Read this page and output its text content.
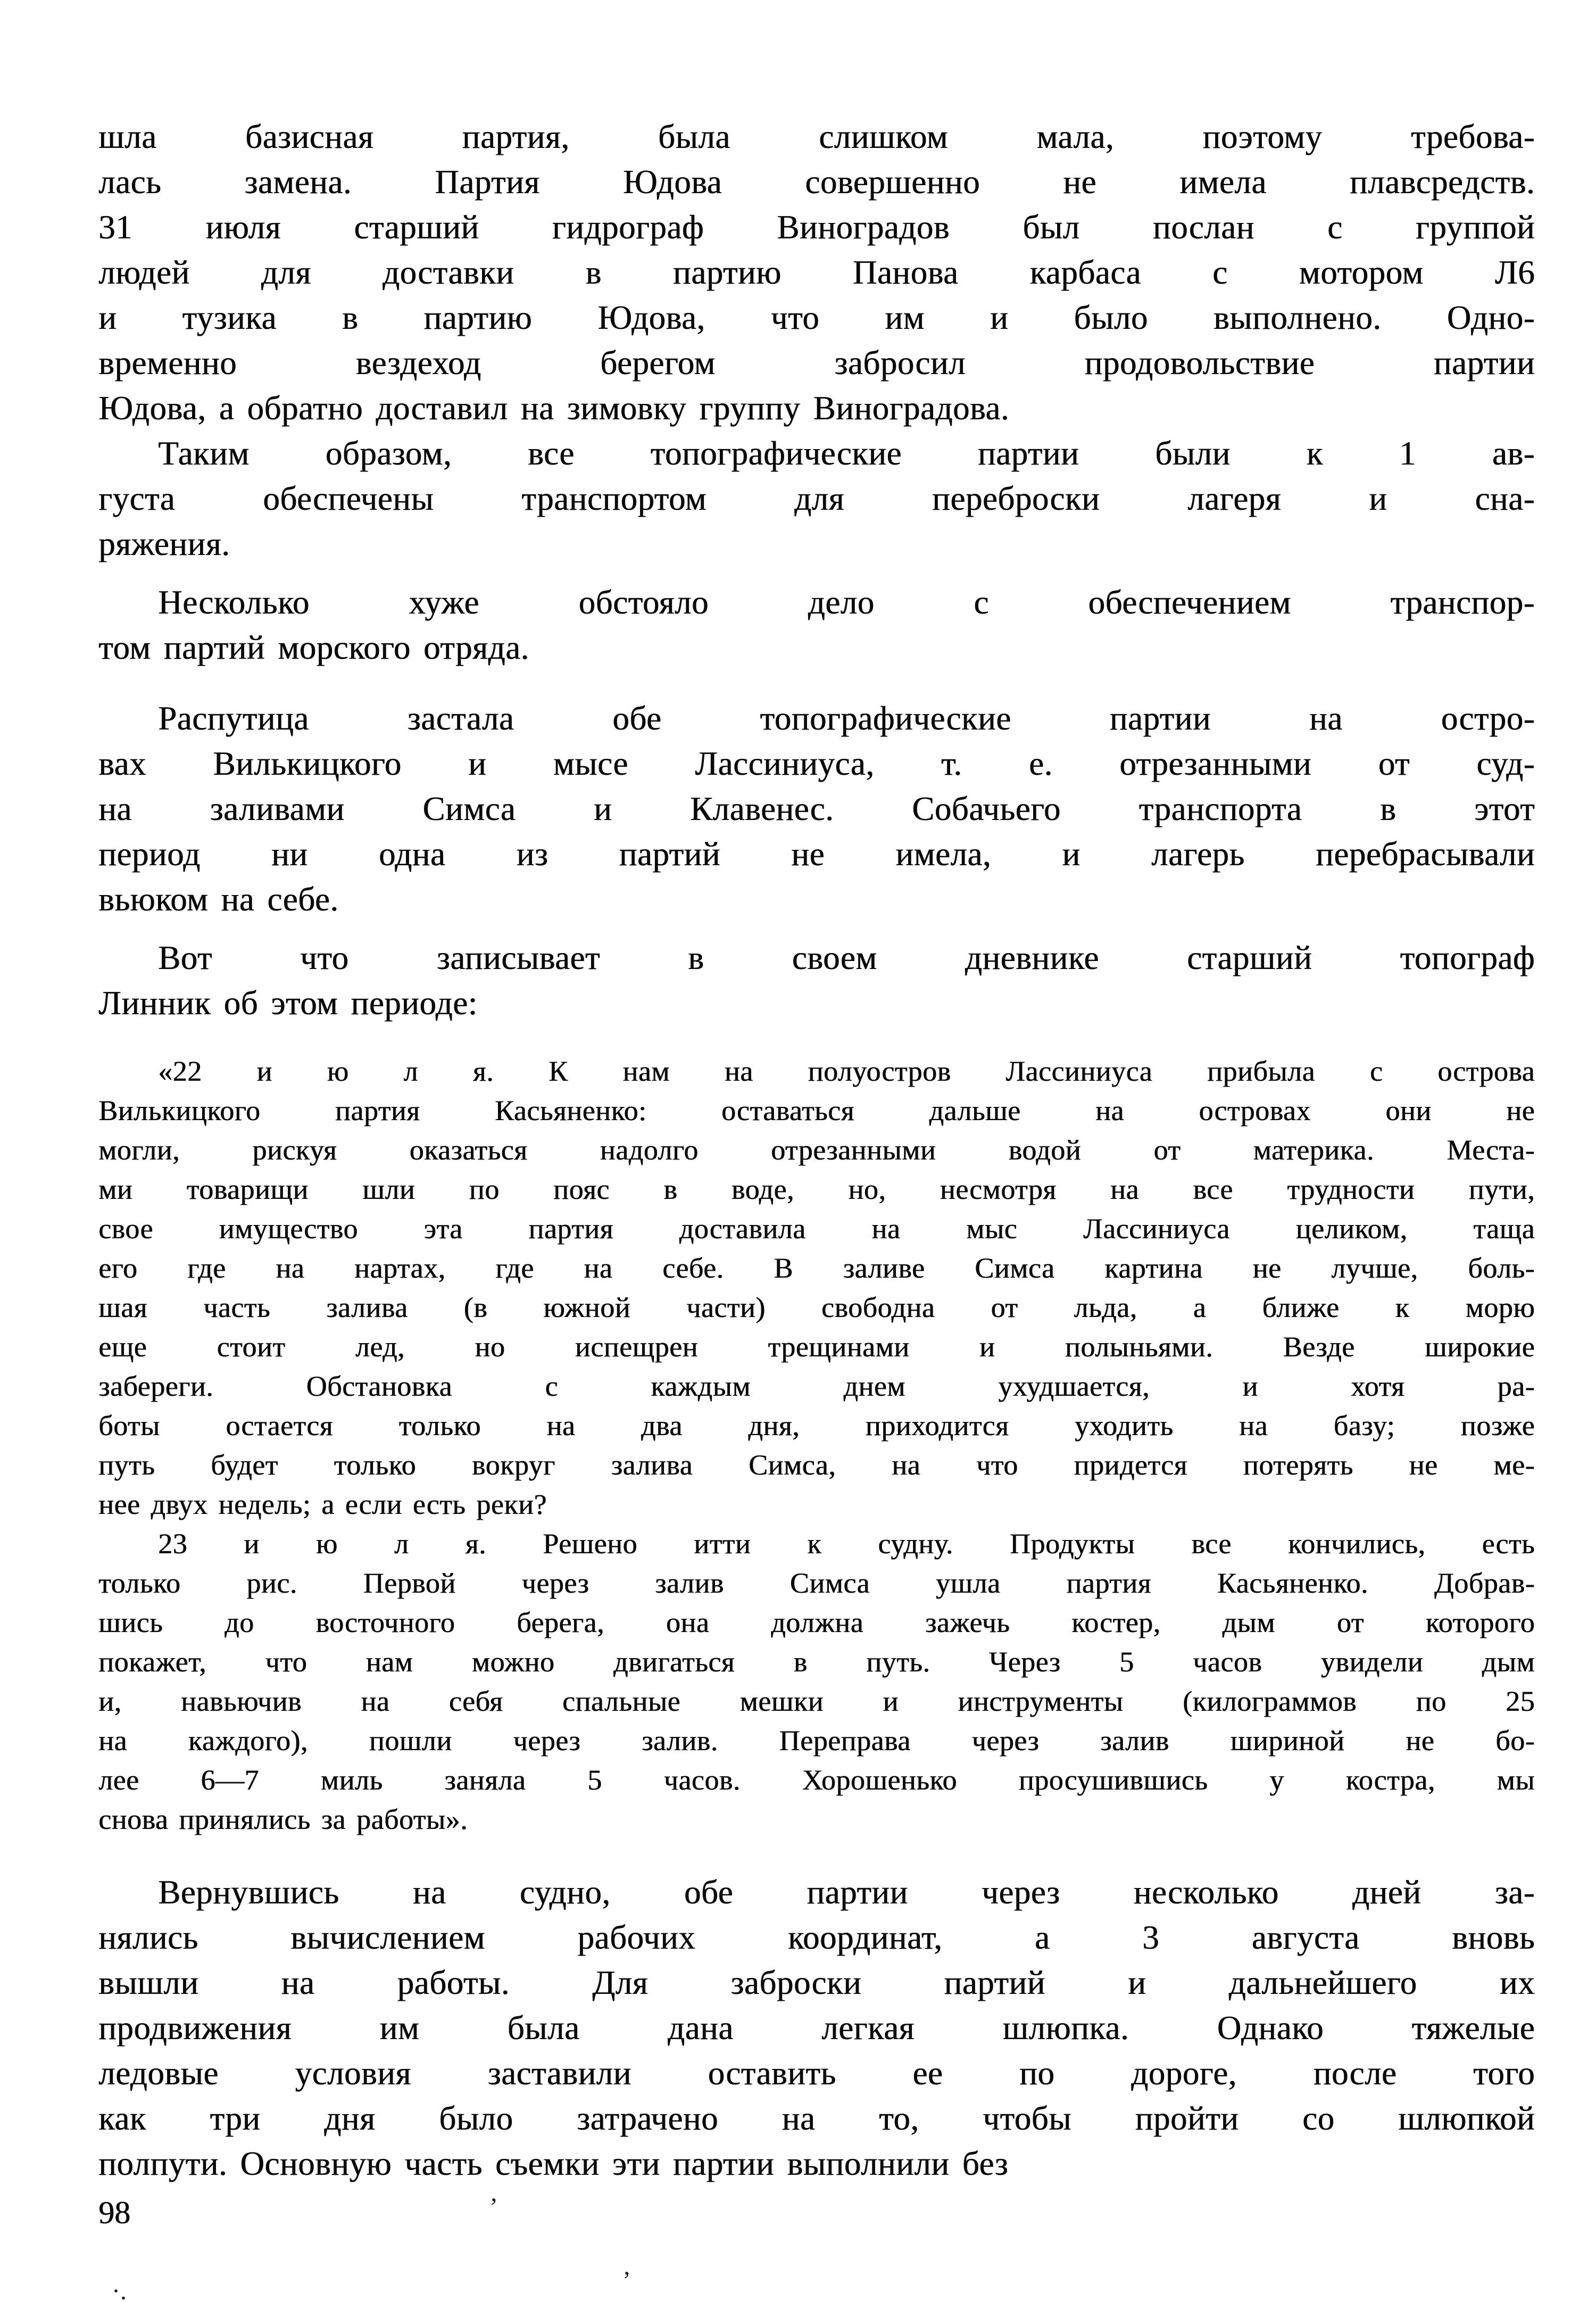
шла базисная партия, была слишком мала, поэтому требова-
лась замена. Партия Юдова совершенно не имела плавсредств.
31 июля старший гидрограф Виноградов был послан с группой
людей для доставки в партию Панова карбаса с мотором Л6
и тузика в партию Юдова, что им и было выполнено. Одно-
временно вездеход берегом забросил продовольствие партии
Юдова, а обратно доставил на зимовку группу Виноградова.
Таким образом, все топографические партии были к 1 ав-
густа обеспечены транспортом для переброски лагеря и сна-
ряжения.
Несколько хуже обстояло дело с обеспечением транспор-
том партий морского отряда.
Распутица застала обе топографические партии на остро-
вах Вилькицкого и мысе Лассиниуса, т. е. отрезанными от суд-
на заливами Симса и Клавенес. Собачьего транспорта в этот
период ни одна из партий не имела, и лагерь перебрасывали
вьюком на себе.
Вот что записывает в своем дневнике старший топограф
Линник об этом периоде:
«22 и ю л я. К нам на полуостров Лассиниуса прибыла с острова
Вилькицкого партия Касьяненко: оставаться дальше на островах они не
могли, рискуя оказаться надолго отрезанными водой от материка. Места-
ми товарищи шли по пояс в воде, но, несмотря на все трудности пути,
свое имущество эта партия доставила на мыс Лассиниуса целиком, таща
его где на нартах, где на себе. В заливе Симса картина не лучше, боль-
шая часть залива (в южной части) свободна от льда, а ближе к морю
еще стоит лед, но испещрен трещинами и полыньями. Везде широкие
забереги. Обстановка с каждым днем ухудшается, и хотя ра-
боты остается только на два дня, приходится уходить на базу; позже
путь будет только вокруг залива Симса, на что придется потерять не ме-
нее двух недель; а если есть реки?
23 и ю л я. Решено итти к судну. Продукты все кончились, есть
только рис. Первой через залив Симса ушла партия Касьяненко. Добрав-
шись до восточного берега, она должна зажечь костер, дым от которого
покажет, что нам можно двигаться в путь. Через 5 часов увидели дым
и, навьючив на себя спальные мешки и инструменты (килограммов по 25
на каждого), пошли через залив. Переправа через залив шириной не бо-
лее 6—7 миль заняла 5 часов. Хорошенько просушившись у костра, мы
снова принялись за работы».
Вернувшись на судно, обе партии через несколько дней за-
нялись вычислением рабочих координат, а 3 августа вновь
вышли на работы. Для заброски партий и дальнейшего их
продвижения им была дана легкая шлюпка. Однако тяжелые
ледовые условия заставили оставить ее по дороге, после того
как три дня было затрачено на то, чтобы пройти со шлюпкой
полпути. Основную часть съемки эти партии выполнили без
98	’
’
·.
